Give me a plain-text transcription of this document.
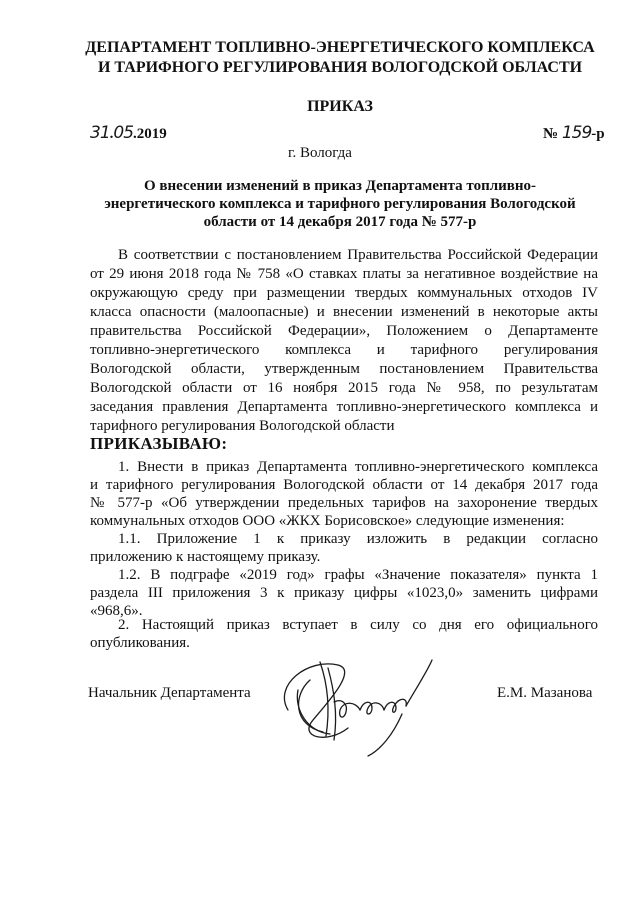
ДЕПАРТАМЕНТ ТОПЛИВНО-ЭНЕРГЕТИЧЕСКОГО КОМПЛЕКСА
И ТАРИФНОГО РЕГУЛИРОВАНИЯ ВОЛОГОДСКОЙ ОБЛАСТИ
ПРИКАЗ
31.05.2019	№ 159-р
г. Вологда
О внесении изменений в приказ Департамента топливно-
энергетического комплекса и тарифного регулирования Вологодской
области от 14 декабря 2017 года № 577-р
В соответствии с постановлением Правительства Российской Федерации
от 29 июня 2018 года № 758 «О ставках платы за негативное воздействие на
окружающую среду при размещении твердых коммунальных отходов IV
класса опасности (малоопасные) и внесении изменений в некоторые акты
правительства Российской Федерации», Положением о Департаменте
топливно-энергетического комплекса и тарифного регулирования
Вологодской области, утвержденным постановлением Правительства
Вологодской области от 16 ноября 2015 года № 958, по результатам
заседания правления Департамента топливно-энергетического комплекса и
тарифного регулирования Вологодской области
ПРИКАЗЫВАЮ:
1. Внести в приказ Департамента топливно-энергетического комплекса
и тарифного регулирования Вологодской области от 14 декабря 2017 года
№ 577-р «Об утверждении предельных тарифов на захоронение твердых
коммунальных отходов ООО «ЖКХ Борисовское» следующие изменения:
1.1. Приложение 1 к приказу изложить в редакции согласно
приложению к настоящему приказу.
1.2. В подграфе «2019 год» графы «Значение показателя» пункта 1
раздела III приложения 3 к приказу цифры «1023,0» заменить цифрами
«968,6».
2. Настоящий приказ вступает в силу со дня его официального
опубликования.
Начальник Департамента	Е.М. Мазанова
